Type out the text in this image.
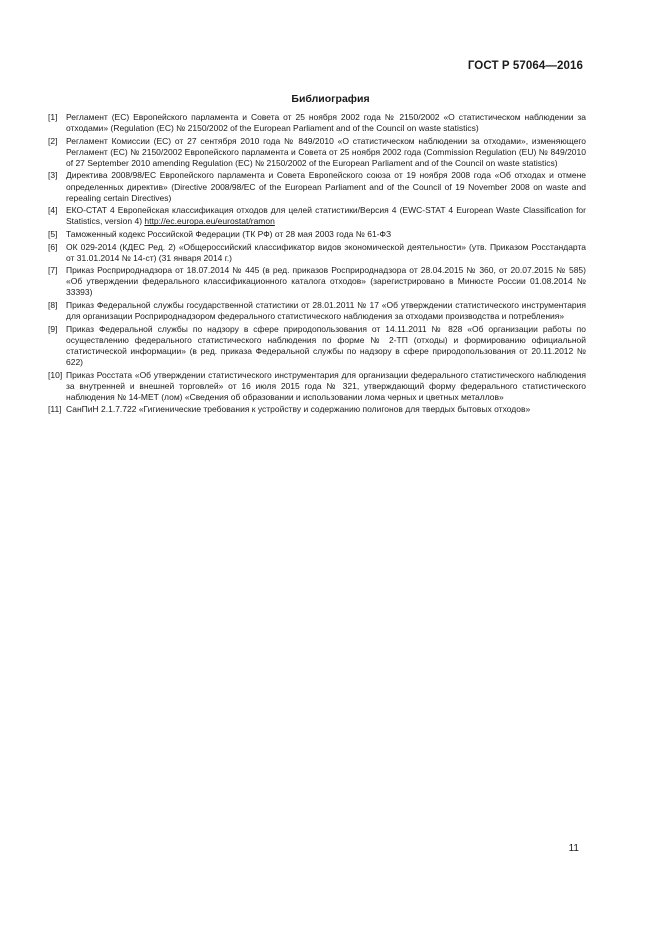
ГОСТ Р 57064—2016
Библиография
[1]	Регламент (ЕС) Европейского парламента и Совета от 25 ноября 2002 года № 2150/2002 «О статистическом наблюдении за отходами» (Regulation (EC) № 2150/2002 of the European Parliament and of the Council on waste statistics)
[2]	Регламент Комиссии (ЕС) от 27 сентября 2010 года № 849/2010 «О статистическом наблюдении за отходами», изменяющего Регламент (ЕС) № 2150/2002 Европейского парламента и Совета от 25 ноября 2002 года (Commission Regulation (EU) № 849/2010 of 27 September 2010 amending Regulation (EC) № 2150/2002 of the European Parliament and of the Council on waste statistics)
[3]	Директива 2008/98/ЕС Европейского парламента и Совета Европейского союза от 19 ноября 2008 года «Об отходах и отмене определенных директив» (Directive 2008/98/EC of the European Parliament and of the Council of 19 November 2008 on waste and repealing certain Directives)
[4]	ЕКО-СТАТ 4 Европейская классификация отходов для целей статистики/Версия 4 (EWC-STAT 4 European Waste Classification for Statistics, version 4) http://ec.europa.eu/eurostat/ramon
[5]	Таможенный кодекс Российской Федерации (ТК РФ) от 28 мая 2003 года № 61-ФЗ
[6]	ОК 029-2014 (КДЕС Ред. 2) «Общероссийский классификатор видов экономической деятельности» (утв. Приказом Росстандарта от 31.01.2014 № 14-ст) (31 января 2014 г.)
[7]	Приказ Росприроднадзора от 18.07.2014 № 445 (в ред. приказов Росприроднадзора от 28.04.2015 № 360, от 20.07.2015 № 585) «Об утверждении федерального классификационного каталога отходов» (зарегистрировано в Минюсте России 01.08.2014 № 33393)
[8]	Приказ Федеральной службы государственной статистики от 28.01.2011 № 17 «Об утверждении статистического инструментария для организации Росприроднадзором федерального статистического наблюдения за отходами производства и потребления»
[9]	Приказ Федеральной службы по надзору в сфере природопользования от 14.11.2011 № 828 «Об организации работы по осуществлению федерального статистического наблюдения по форме № 2-ТП (отходы) и формированию официальной статистической информации» (в ред. приказа Федеральной службы по надзору в сфере природопользования от 20.11.2012 № 622)
[10] Приказ Росстата «Об утверждении статистического инструментария для организации федерального статистического наблюдения за внутренней и внешней торговлей» от 16 июля 2015 года № 321, утверждающий форму федерального статистического наблюдения № 14-МЕТ (лом) «Сведения об образовании и использовании лома черных и цветных металлов»
[11] СанПиН 2.1.7.722 «Гигиенические требования к устройству и содержанию полигонов для твердых бытовых отходов»
11
